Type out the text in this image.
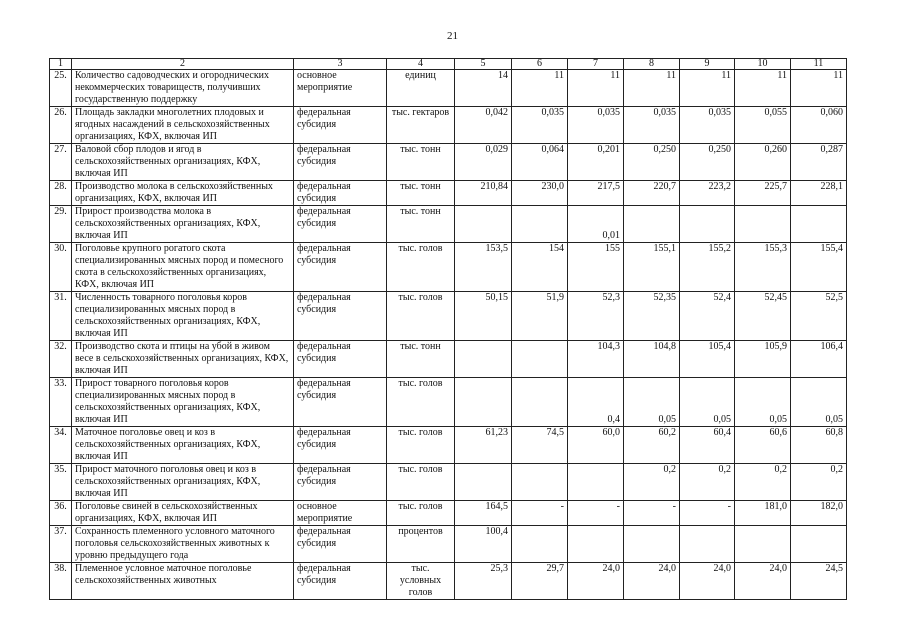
21
1	2	3	4	5	6	7	8	9	10	11
25.	Количество садоводческих и огороднических некоммерческих товариществ, получивших государственную поддержку	основное мероприятие	единиц	14	11	11	11	11	11	11
26.	Площадь закладки многолетних плодовых и ягодных насаждений в сельскохозяйственных организациях, КФХ, включая ИП	федеральная субсидия	тыс. гектаров	0,042	0,035	0,035	0,035	0,035	0,055	0,060
27.	Валовой сбор плодов и ягод в сельскохозяйственных организациях, КФХ, включая ИП	федеральная субсидия	тыс. тонн	0,029	0,064	0,201	0,250	0,250	0,260	0,287
28.	Производство молока в сельскохозяйственных организациях, КФХ, включая ИП	федеральная субсидия	тыс. тонн	210,84	230,0	217,5	220,7	223,2	225,7	228,1
29.	Прирост производства молока в сельскохозяйственных организациях, КФХ, включая ИП	федеральная субсидия	тыс. тонн			0,01				
30.	Поголовье крупного рогатого скота специализированных мясных пород и помесного скота в сельскохозяйственных организациях, КФХ, включая ИП	федеральная субсидия	тыс. голов	153,5	154	155	155,1	155,2	155,3	155,4
31.	Численность товарного поголовья коров специализированных мясных пород в сельскохозяйственных организациях, КФХ, включая ИП	федеральная субсидия	тыс. голов	50,15	51,9	52,3	52,35	52,4	52,45	52,5
32.	Производство скота и птицы на убой в живом весе в сельскохозяйственных организациях, КФХ, включая ИП	федеральная субсидия	тыс. тонн			104,3	104,8	105,4	105,9	106,4
33.	Прирост товарного поголовья коров специализированных мясных пород в сельскохозяйственных организациях, КФХ, включая ИП	федеральная субсидия	тыс. голов			0,4	0,05	0,05	0,05	0,05
34.	Маточное поголовье овец и коз в сельскохозяйственных организациях, КФХ, включая ИП	федеральная субсидия	тыс. голов	61,23	74,5	60,0	60,2	60,4	60,6	60,8
35.	Прирост маточного поголовья овец и коз в сельскохозяйственных организациях, КФХ, включая ИП	федеральная субсидия	тыс. голов				0,2	0,2	0,2	0,2
36.	Поголовье свиней в сельскохозяйственных организациях, КФХ, включая ИП	основное мероприятие	тыс. голов	164,5	-	-	-	-	181,0	182,0
37.	Сохранность племенного условного маточного поголовья сельскохозяйственных животных к уровню предыдущего года	федеральная субсидия	процентов	100,4						
38.	Племенное условное маточное поголовье сельскохозяйственных животных	федеральная субсидия	тыс. условных голов	25,3	29,7	24,0	24,0	24,0	24,0	24,5
